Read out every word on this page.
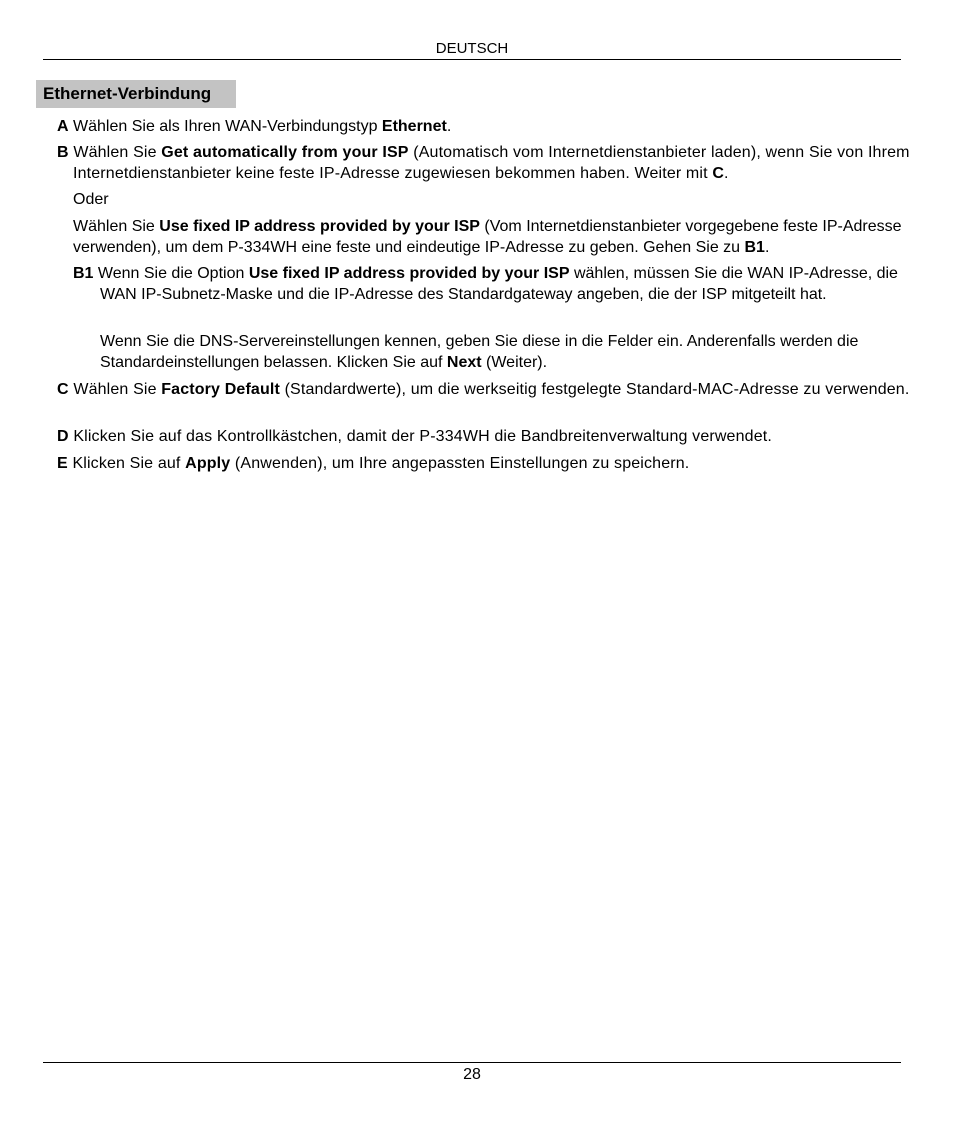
DEUTSCH
Ethernet-Verbindung

A Wählen Sie als Ihren WAN-Verbindungstyp Ethernet.

B Wählen Sie Get automatically from your ISP (Automatisch vom Internetdienstanbieter laden), wenn Sie von Ihrem Internetdienstanbieter keine feste IP-Adresse zugewiesen bekommen haben. Weiter mit C.

Oder

Wählen Sie Use fixed IP address provided by your ISP (Vom Internetdienstanbieter vorgegebene feste IP-Adresse verwenden), um dem P-334WH eine feste und eindeutige IP-Adresse zu geben. Gehen Sie zu B1.

B1 Wenn Sie die Option Use fixed IP address provided by your ISP wählen, müssen Sie die WAN IP-Adresse, die WAN IP-Subnetz-Maske und die IP-Adresse des Standardgateway angeben, die der ISP mitgeteilt hat.

Wenn Sie die DNS-Servereinstellungen kennen, geben Sie diese in die Felder ein. Anderenfalls werden die Standardeinstellungen belassen. Klicken Sie auf Next (Weiter).

C Wählen Sie Factory Default (Standardwerte), um die werkseitig festgelegte Standard-MAC-Adresse zu verwenden.

D Klicken Sie auf das Kontrollkästchen, damit der P-334WH die Bandbreitenverwaltung verwendet.

E Klicken Sie auf Apply (Anwenden), um Ihre angepassten Einstellungen zu speichern.

28
